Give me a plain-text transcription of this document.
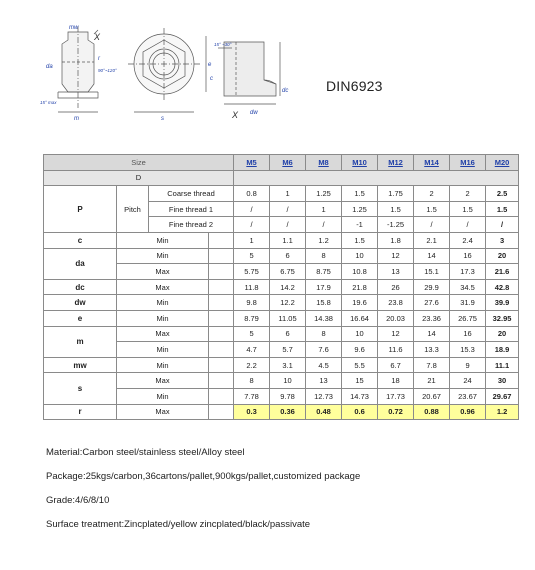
mw
X
da
r
90°~120°
15° max
m	s
e
15° ~30°
c
dc
dw
X
DIN6923
Size				M5	M6	M8	M10	M12	M14	M16	M20
D											
P	Pitch	Coarse thread		0.8	1	1.25	1.5	1.75	2	2	2.5
		Fine thread 1		/	/	1	1.25	1.5	1.5	1.5	1.5
		Fine thread 2		/	/	/	-1	-1.25	/	/	/
c	Min			1	1.1	1.2	1.5	1.8	2.1	2.4	3
da	Min			5	6	8	10	12	14	16	20
	Max			5.75	6.75	8.75	10.8	13	15.1	17.3	21.6
dc	Max			11.8	14.2	17.9	21.8	26	29.9	34.5	42.8
dw	Min			9.8	12.2	15.8	19.6	23.8	27.6	31.9	39.9
e	Min			8.79	11.05	14.38	16.64	20.03	23.36	26.75	32.95
m	Max			5	6	8	10	12	14	16	20
	Min			4.7	5.7	7.6	9.6	11.6	13.3	15.3	18.9
mw	Min			2.2	3.1	4.5	5.5	6.7	7.8	9	11.1
s	Max			8	10	13	15	18	21	24	30
	Min			7.78	9.78	12.73	14.73	17.73	20.67	23.67	29.67
r	Max			0.3	0.36	0.48	0.6	0.72	0.88	0.96	1.2
Material:Carbon steel/stainless steel/Alloy steel
Package:25kgs/carbon,36cartons/pallet,900kgs/pallet,customized package
Grade:4/6/8/10
Surface treatment:Zincplated/yellow zincplated/black/passivate
